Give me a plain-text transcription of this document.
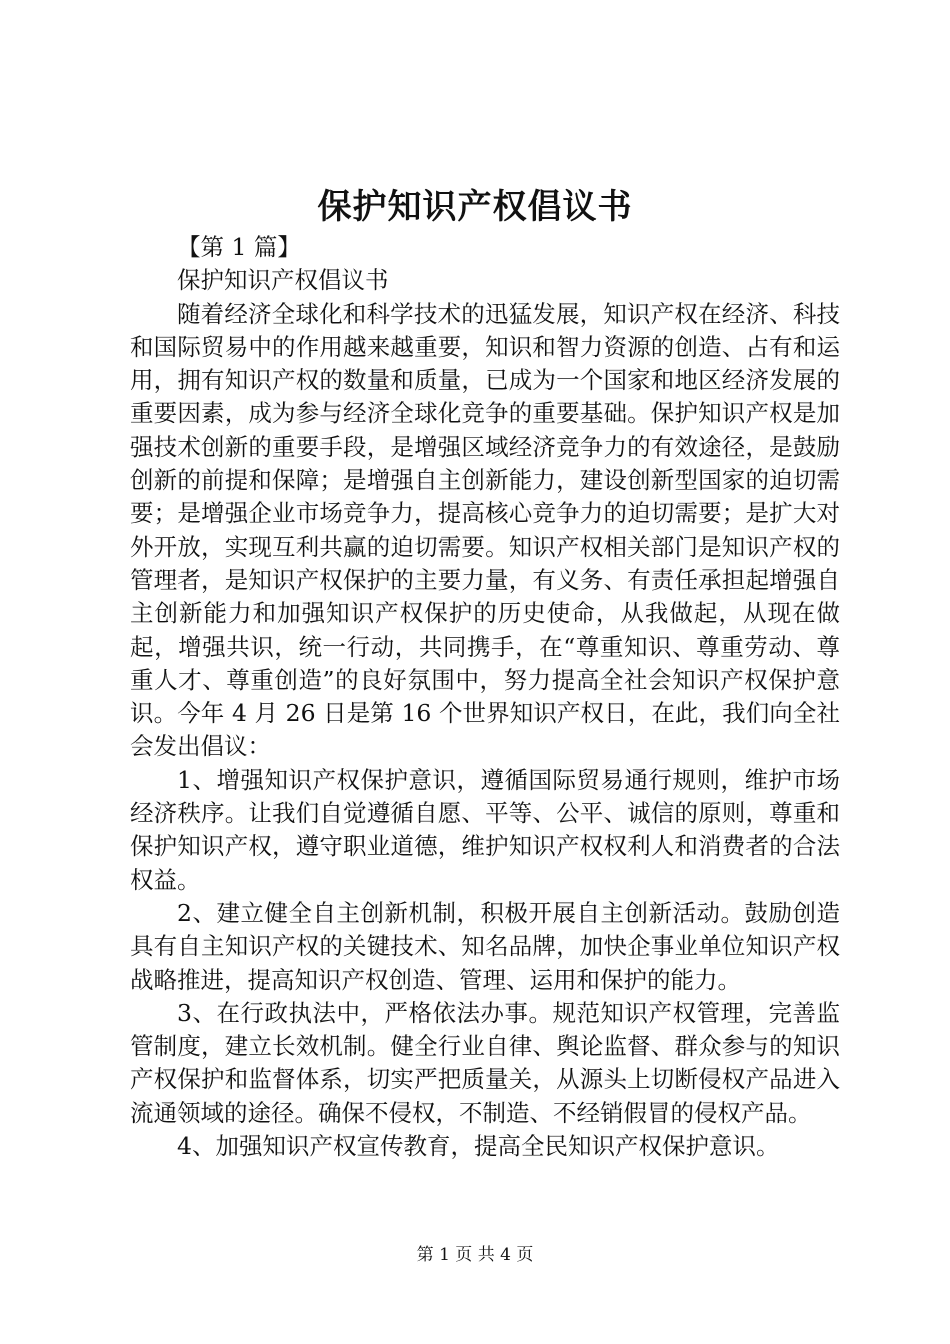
保护知识产权倡议书

【第 1 篇】

保护知识产权倡议书

随着经济全球化和科学技术的迅猛发展，知识产权在经济、科技和国际贸易中的作用越来越重要，知识和智力资源的创造、占有和运用，拥有知识产权的数量和质量，已成为一个国家和地区经济发展的重要因素，成为参与经济全球化竞争的重要基础。保护知识产权是加强技术创新的重要手段，是增强区域经济竞争力的有效途径，是鼓励创新的前提和保障；是增强自主创新能力，建设创新型国家的迫切需要；是增强企业市场竞争力，提高核心竞争力的迫切需要；是扩大对外开放，实现互利共赢的迫切需要。知识产权相关部门是知识产权的管理者，是知识产权保护的主要力量，有义务、有责任承担起增强自主创新能力和加强知识产权保护的历史使命，从我做起，从现在做起，增强共识，统一行动，共同携手，在“尊重知识、尊重劳动、尊重人才、尊重创造”的良好氛围中，努力提高全社会知识产权保护意识。今年 4 月 26 日是第 16 个世界知识产权日，在此，我们向全社会发出倡议：

1、增强知识产权保护意识，遵循国际贸易通行规则，维护市场经济秩序。让我们自觉遵循自愿、平等、公平、诚信的原则，尊重和保护知识产权，遵守职业道德，维护知识产权权利人和消费者的合法权益。

2、建立健全自主创新机制，积极开展自主创新活动。鼓励创造具有自主知识产权的关键技术、知名品牌，加快企事业单位知识产权战略推进，提高知识产权创造、管理、运用和保护的能力。

3、在行政执法中，严格依法办事。规范知识产权管理，完善监管制度，建立长效机制。健全行业自律、舆论监督、群众参与的知识产权保护和监督体系，切实严把质量关，从源头上切断侵权产品进入流通领域的途径。确保不侵权，不制造、不经销假冒的侵权产品。

4、加强知识产权宣传教育，提高全民知识产权保护意识。

第 1 页 共 4 页
